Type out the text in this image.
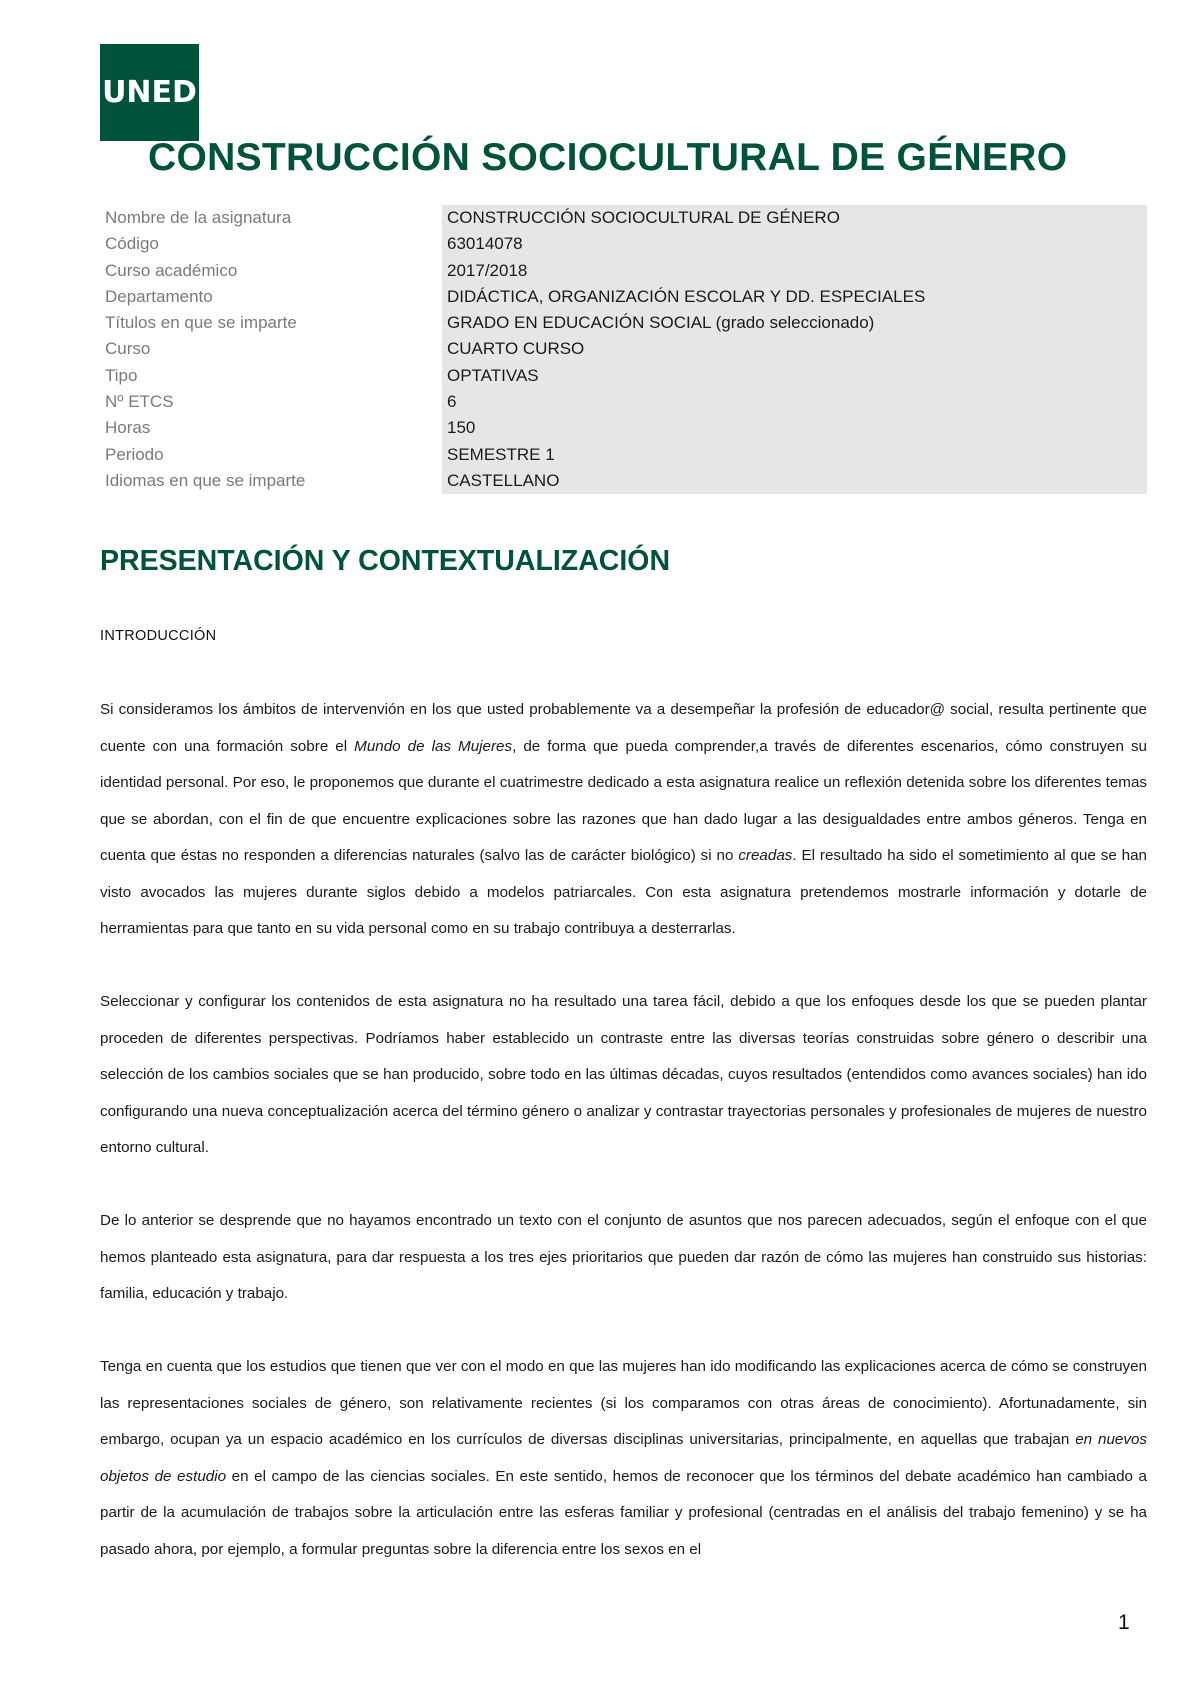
UNED
CONSTRUCCIÓN SOCIOCULTURAL DE GÉNERO
Nombre de la asignatura	CONSTRUCCIÓN SOCIOCULTURAL DE GÉNERO
Código	63014078
Curso académico	2017/2018
Departamento	DIDÁCTICA, ORGANIZACIÓN ESCOLAR Y DD. ESPECIALES
Títulos en que se imparte	GRADO EN EDUCACIÓN SOCIAL (grado seleccionado)
Curso	CUARTO CURSO
Tipo	OPTATIVAS
Nº ETCS	6
Horas	150
Periodo	SEMESTRE 1
Idiomas en que se imparte	CASTELLANO
PRESENTACIÓN Y CONTEXTUALIZACIÓN
INTRODUCCIÓN

Si consideramos los ámbitos de intervenvión en los que usted probablemente va a desempeñar la profesión de educador@ social, resulta pertinente que cuente con una formación sobre el Mundo de las Mujeres, de forma que pueda comprender,a través de diferentes escenarios, cómo construyen su identidad personal. Por eso, le proponemos que durante el cuatrimestre dedicado a esta asignatura realice un reflexión detenida sobre los diferentes temas que se abordan, con el fin de que encuentre explicaciones sobre las razones que han dado lugar a las desigualdades entre ambos géneros. Tenga en cuenta que éstas no responden a diferencias naturales (salvo las de carácter biológico) si no creadas. El resultado ha sido el sometimiento al que se han visto avocados las mujeres durante siglos debido a modelos patriarcales. Con esta asignatura pretendemos mostrarle información y dotarle de herramientas para que tanto en su vida personal como en su trabajo contribuya a desterrarlas.

Seleccionar y configurar los contenidos de esta asignatura no ha resultado una tarea fácil, debido a que los enfoques desde los que se pueden plantar proceden de diferentes perspectivas. Podríamos haber establecido un contraste entre las diversas teorías construidas sobre género o describir una selección de los cambios sociales que se han producido, sobre todo en las últimas décadas, cuyos resultados (entendidos como avances sociales) han ido configurando una nueva conceptualización acerca del término género o analizar y contrastar trayectorias personales y profesionales de mujeres de nuestro entorno cultural.

De lo anterior se desprende que no hayamos encontrado un texto con el conjunto de asuntos que nos parecen adecuados, según el enfoque con el que hemos planteado esta asignatura, para dar respuesta a los tres ejes prioritarios que pueden dar razón de cómo las mujeres han construido sus historias: familia, educación y trabajo.

Tenga en cuenta que los estudios que tienen que ver con el modo en que las mujeres han ido modificando las explicaciones acerca de cómo se construyen las representaciones sociales de género, son relativamente recientes (si los comparamos con otras áreas de conocimiento). Afortunadamente, sin embargo, ocupan ya un espacio académico en los currículos de diversas disciplinas universitarias, principalmente, en aquellas que trabajan en nuevos objetos de estudio en el campo de las ciencias sociales. En este sentido, hemos de reconocer que los términos del debate académico han cambiado a partir de la acumulación de trabajos sobre la articulación entre las esferas familiar y profesional (centradas en el análisis del trabajo femenino) y se ha pasado ahora, por ejemplo, a formular preguntas sobre la diferencia entre los sexos en el

1
